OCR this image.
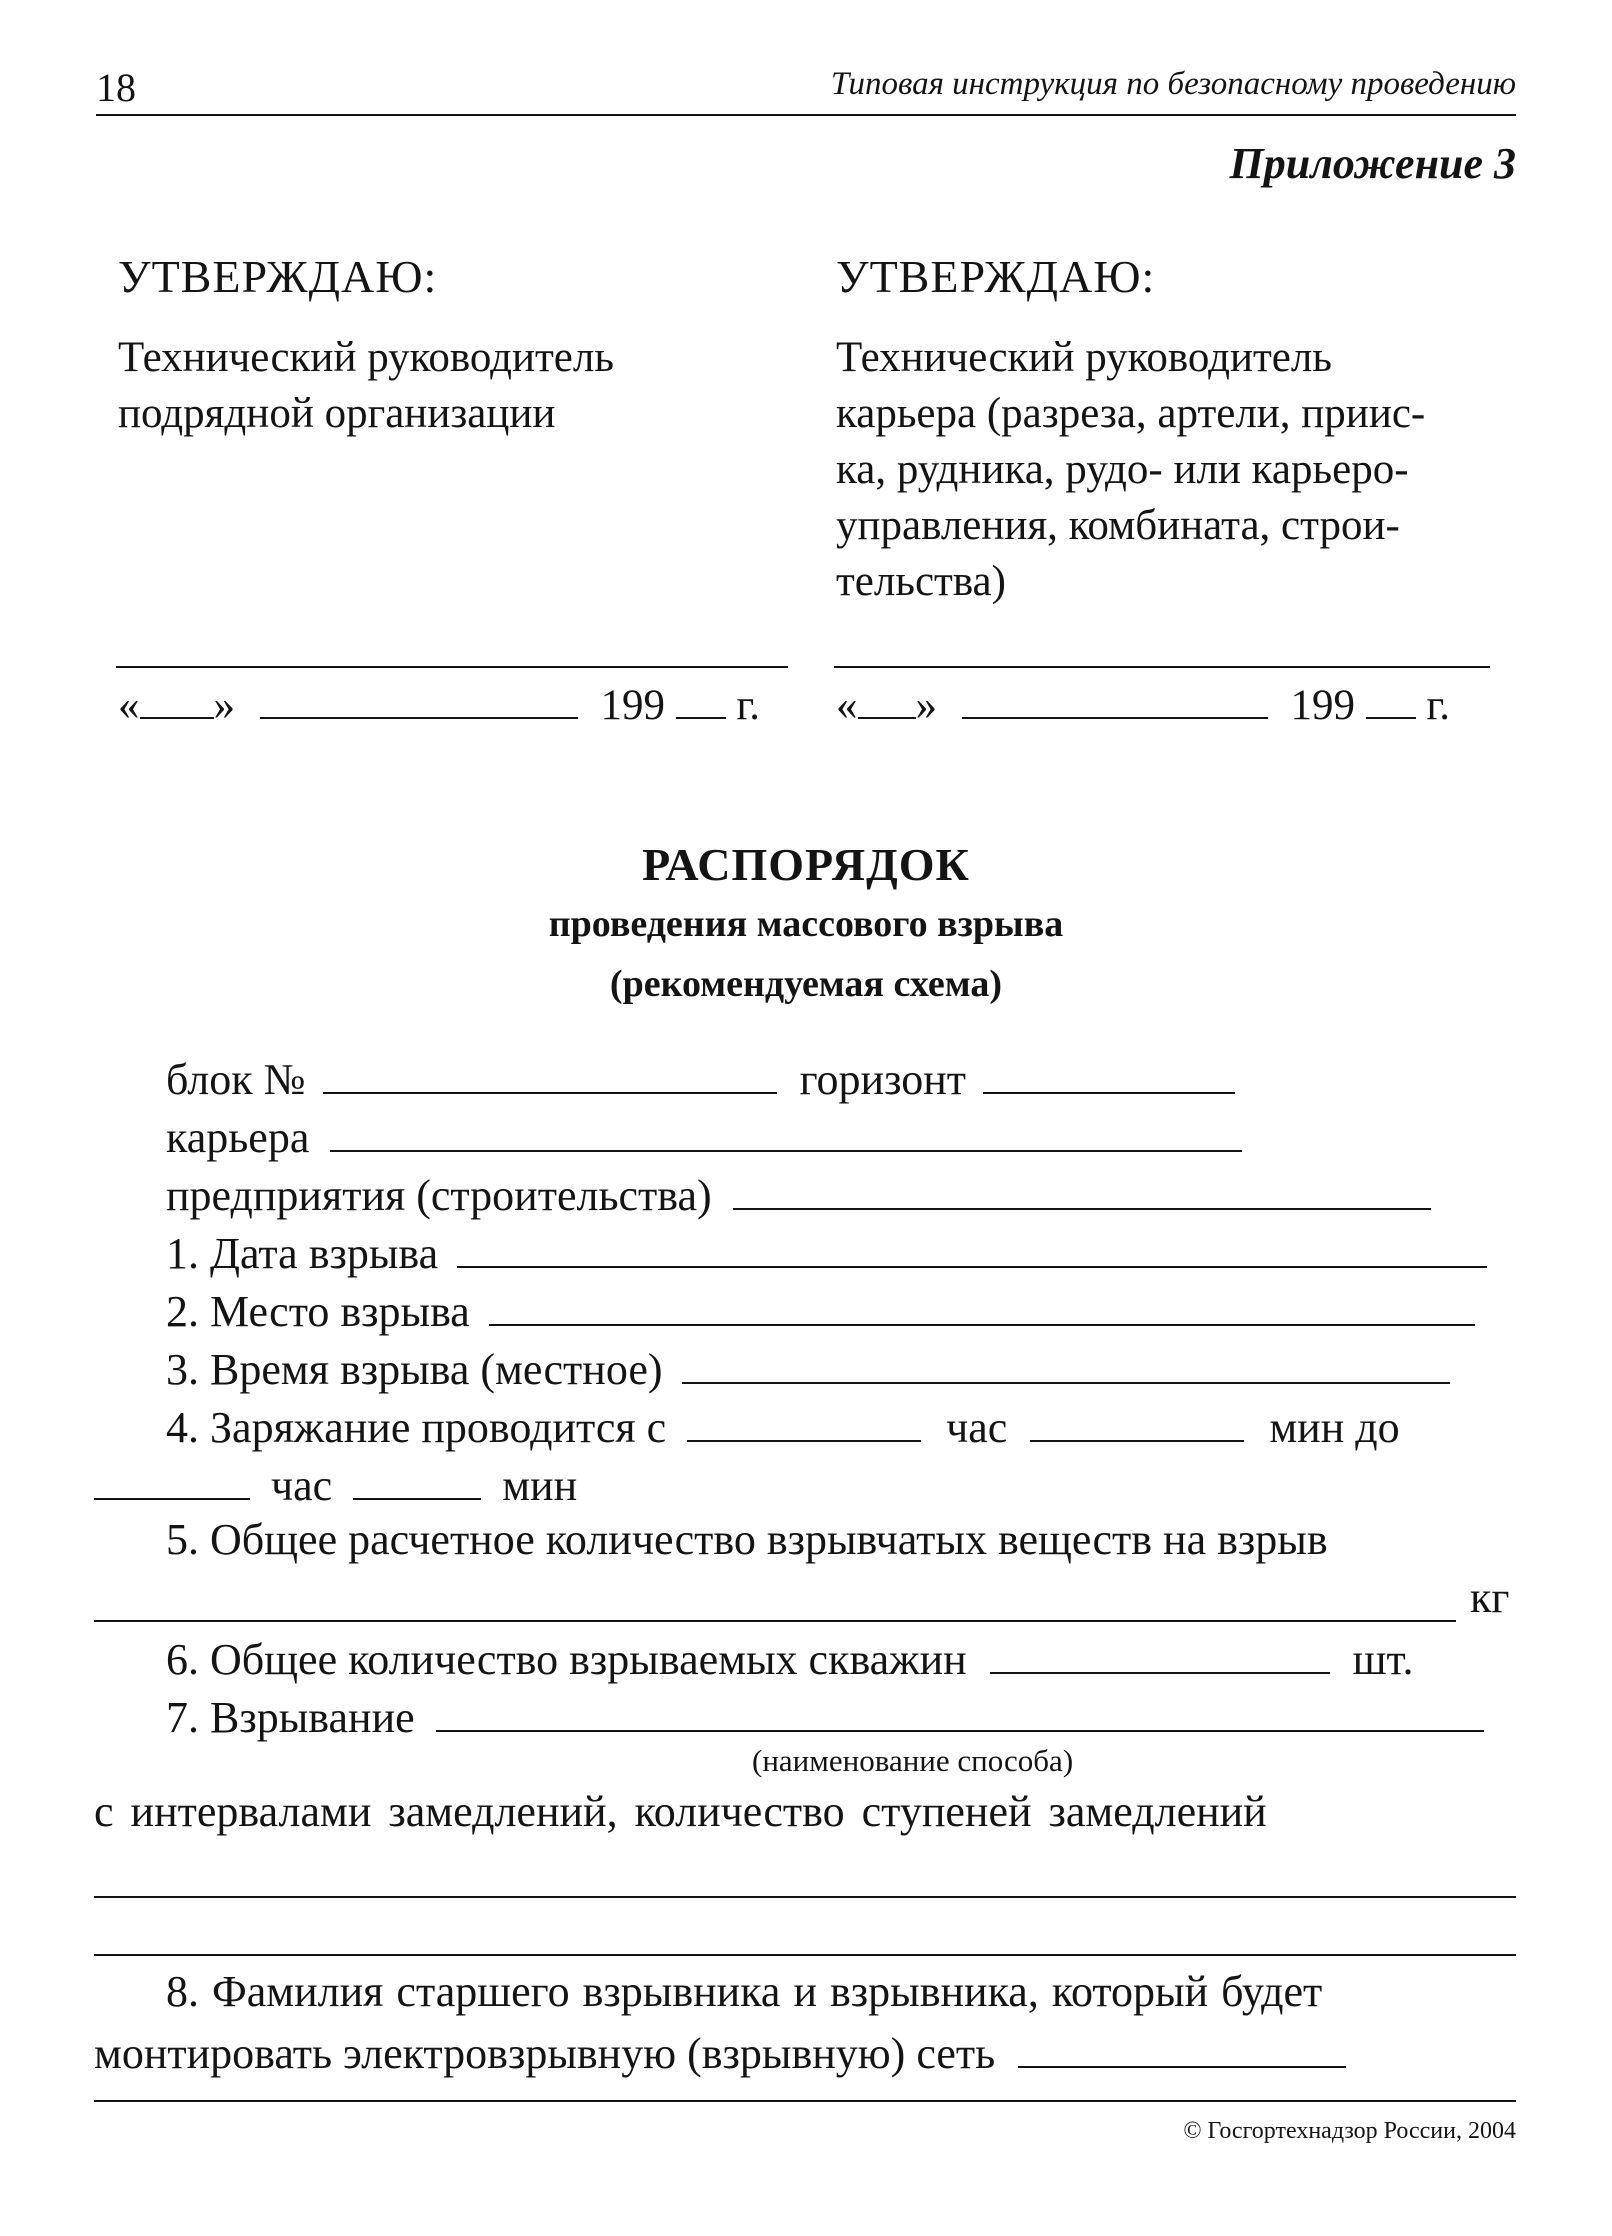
18	Типовая инструкция по безопасному проведению
Приложение 3
УТВЕРЖДАЮ:
Технический руководитель
подрядной организации
« »	199 г.
УТВЕРЖДАЮ:
Технический руководитель
карьера (разреза, артели, приис-
ка, рудника, рудо- или карьеро-
управления, комбината, строи-
тельства)
« »	199 г.
РАСПОРЯДОК
проведения массового взрыва
(рекомендуемая схема)
блок №	горизонт
карьера
предприятия (строительства)
1. Дата взрыва
2. Место взрыва
3. Время взрыва (местное)
4. Заряжание проводится с	час	мин до
час	мин
5. Общее расчетное количество взрывчатых веществ на взрыв
кг
6. Общее количество взрываемых скважин	шт.
7. Взрывание
(наименование способа)
с интервалами замедлений, количество ступеней замедлений
8. Фамилия старшего взрывника и взрывника, который будет
монтировать электровзрывную (взрывную) сеть
© Госгортехнадзор России, 2004
